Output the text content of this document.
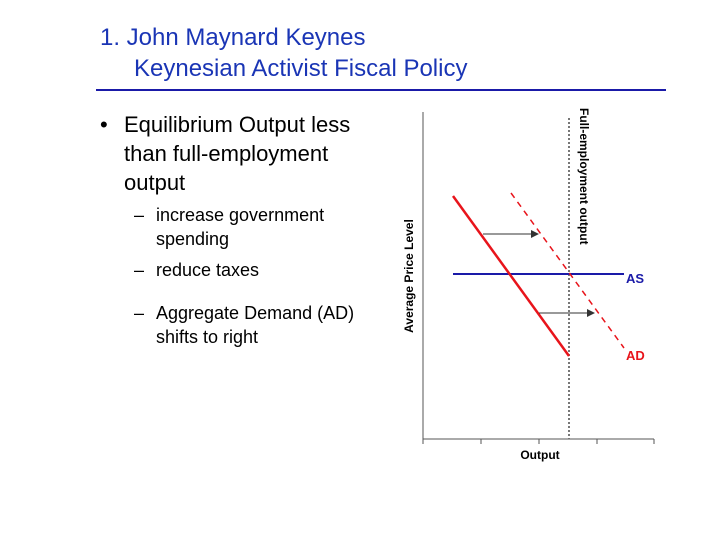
1. John Maynard Keynes
Keynesian Activist Fiscal Policy
• Equilibrium Output less than full-employment output
– increase government spending
– reduce taxes
– Aggregate Demand (AD) shifts to right
Average Price Level
Output
Full-employment output
AS
AD
